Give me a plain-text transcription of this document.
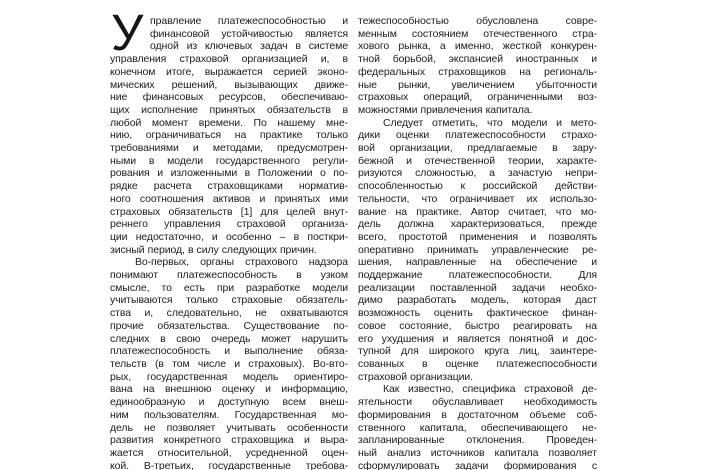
У правление платежеспособностью и
финансовой устойчивостью является
одной из ключевых задач в системе
управления страховой организацией и, в
конечном итоге, выражается серией эконо-
мических решений, вызывающих движе-
ние финансовых ресурсов, обеспечиваю-
щих исполнение принятых обязательств в
любой момент времени. По нашему мне-
нию, ограничиваться на практике только
требованиями и методами, предусмотрен-
ными в модели государственного регули-
рования и изложенными в Положении о по-
рядке расчета страховщиками норматив-
ного соотношения активов и принятых ими
страховых обязательств [1] для целей внут-
реннего управления страховой организа-
ции недостаточно, и особенно – в посткри-
зисный период, в силу следующих причин.
Во-первых, органы страхового надзора
понимают платежеспособность в узком
смысле, то есть при разработке модели
учитываются только страховые обязатель-
ства и, следовательно, не охватываются
прочие обязательства. Существование по-
следних в свою очередь может нарушить
платежеспособность и выполнение обяза-
тельств (в том числе и страховых). Во-вто-
рых, государственная модель ориентиро-
вана на внешнюю оценку и информацию,
единообразную и доступную всем внеш-
ним пользователям. Государственная мо-
дель не позволяет учитывать особенности
развития конкретного страховщика и выра-
жается относительной, усредненной оцен-
кой. В-третьих, государственные требова-
тежеспособностью обусловлена совре-
менным состоянием отечественного стра-
хового рынка, а именно, жесткой конкурен-
тной борьбой, экспансией иностранных и
федеральных страховщиков на региональ-
ные рынки, увеличением убыточности
страховых операций, ограниченными воз-
можностями привлечения капитала.
Следует отметить, что модели и мето-
дики оценки платежеспособности страхо-
вой организации, предлагаемые в зару-
бежной и отечественной теории, характе-
ризуются сложностью, а зачастую непри-
способленностью к российской действи-
тельности, что ограничивает их использо-
вание на практике. Автор считает, что мо-
дель должна характеризоваться, прежде
всего, простотой применения и позволять
оперативно принимать управленческие ре-
шения, направленные на обеспечение и
поддержание платежеспособности. Для
реализации поставленной задачи необхо-
димо разработать модель, которая даст
возможность оценить фактическое финан-
совое состояние, быстро реагировать на
его ухудшения и является понятной и дос-
тупной для широкого круга лиц, заинтере-
сованных в оценке платежеспособности
страховой организации.
Как известно, специфика страховой де-
ятельности обуславливает необходимость
формирования в достаточном объеме соб-
ственного капитала, обеспечивающего не-
запланированные отклонения. Проведен-
ный анализ источников капитала позволяет
сформулировать задачи формирования с
